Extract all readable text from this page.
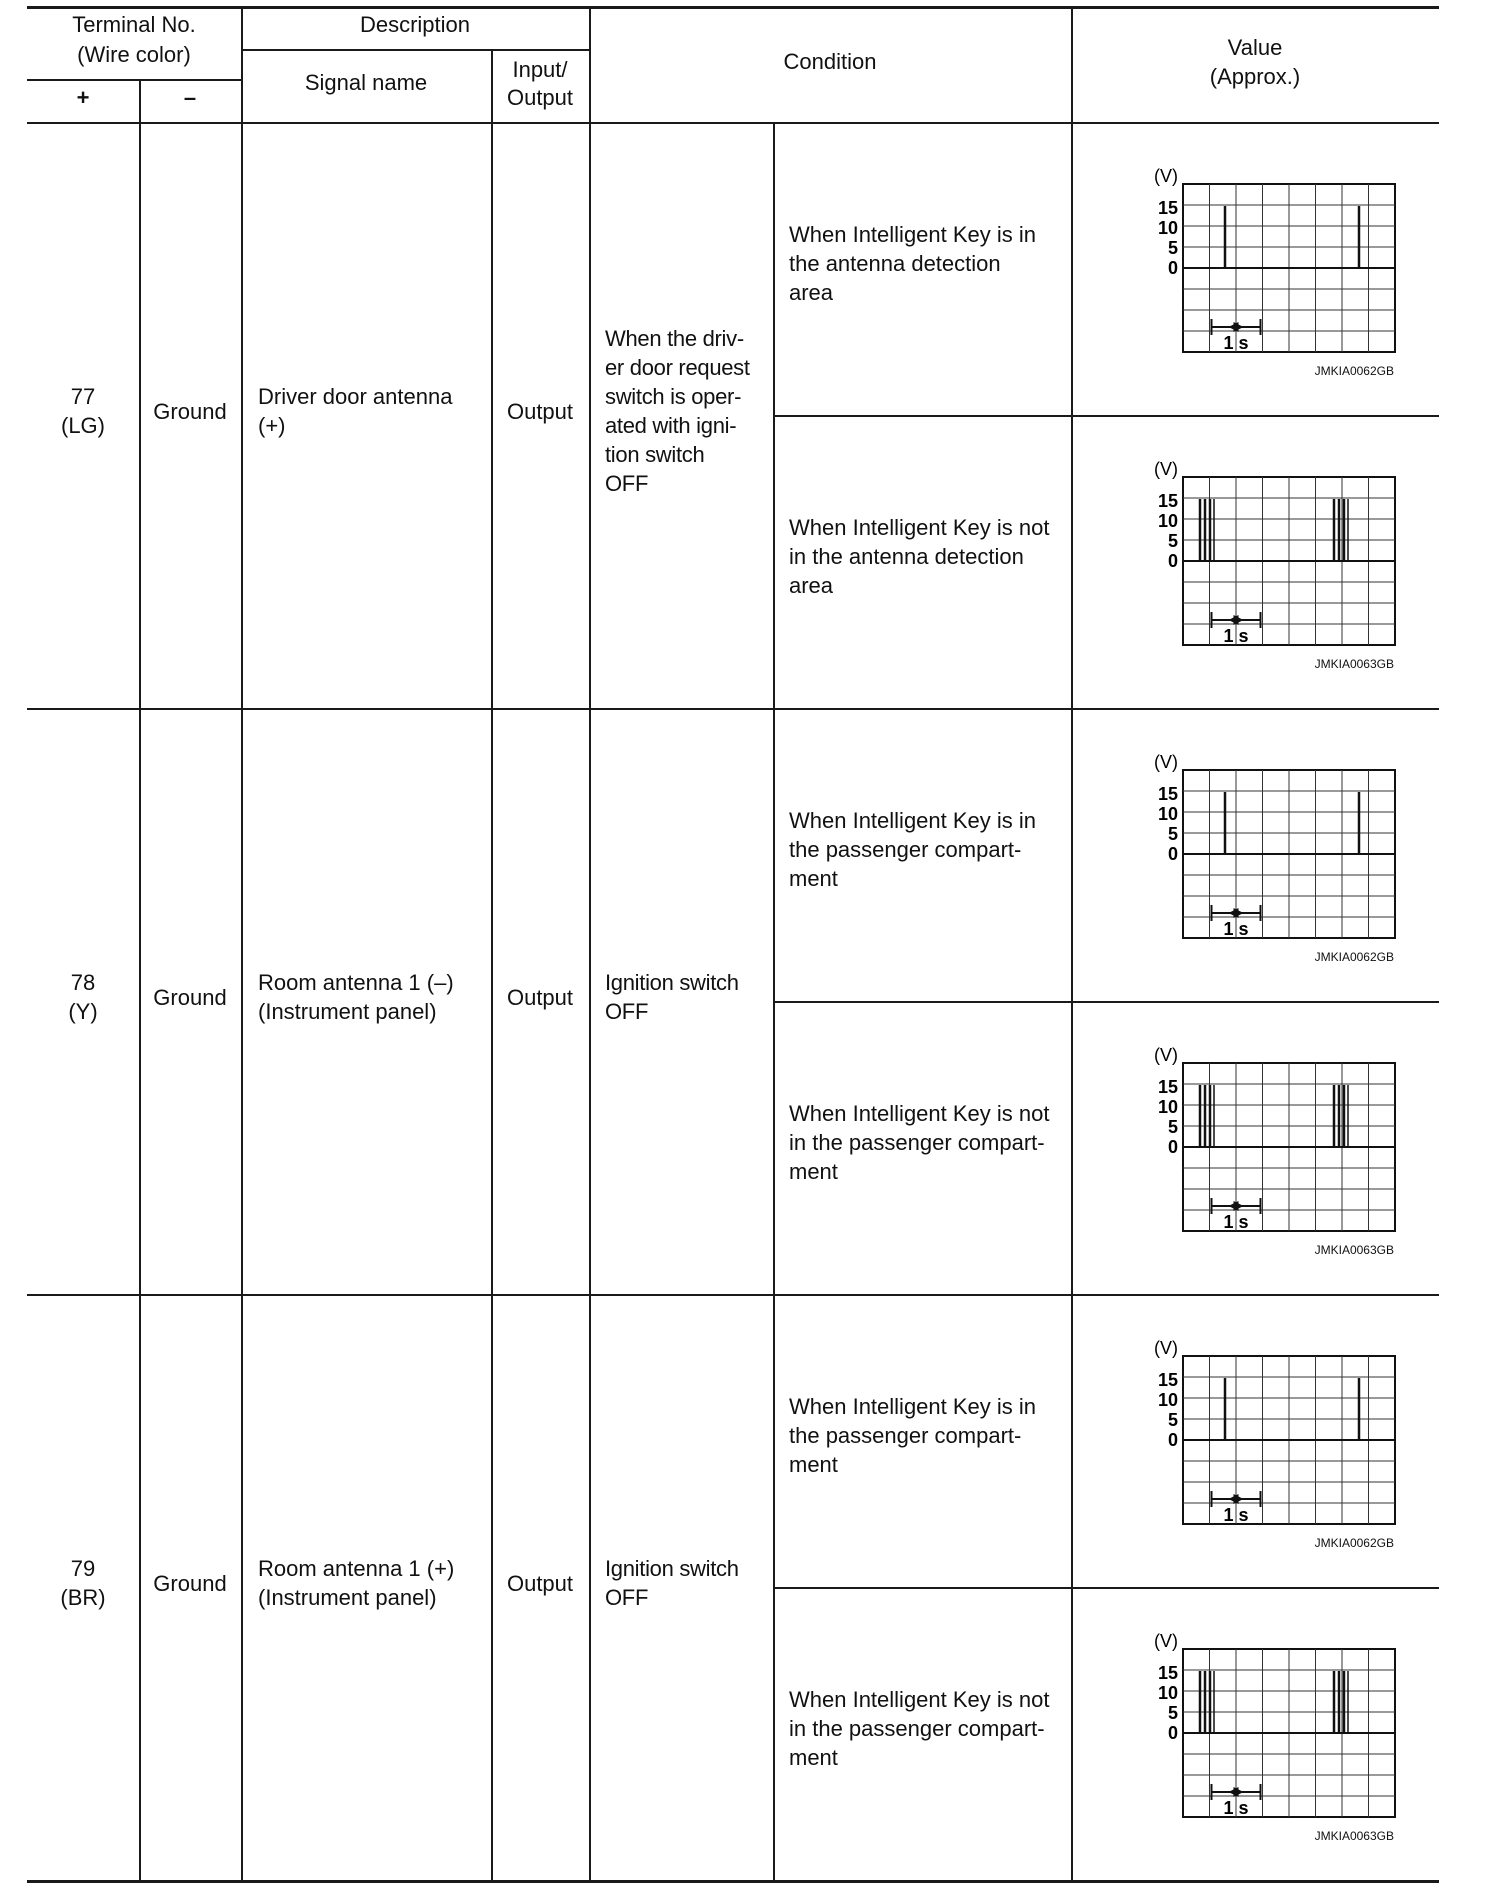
Terminal No.
(Wire color)
+	–
Description
Signal name
Input/
Output
Condition
Value
(Approx.)
77
(LG)
Ground
Driver door antenna
(+)
Output
When the driv-
er door request
switch is oper-
ated with igni-
tion switch
OFF
When Intelligent Key is in
the antenna detection
area
(V)
15
10
5
0
1 s
JMKIA0062GB
When Intelligent Key is not
in the antenna detection
area
(V)
15
10
5
0
1 s
JMKIA0063GB
78
(Y)
Ground
Room antenna 1 (–)
(Instrument panel)
Output
Ignition switch
OFF
When Intelligent Key is in
the passenger compart-
ment
(V)
15
10
5
0
1 s
JMKIA0062GB
When Intelligent Key is not
in the passenger compart-
ment
(V)
15
10
5
0
1 s
JMKIA0063GB
79
(BR)
Ground
Room antenna 1 (+)
(Instrument panel)
Output
Ignition switch
OFF
When Intelligent Key is in
the passenger compart-
ment
(V)
15
10
5
0
1 s
JMKIA0062GB
When Intelligent Key is not
in the passenger compart-
ment
(V)
15
10
5
0
1 s
JMKIA0063GB
